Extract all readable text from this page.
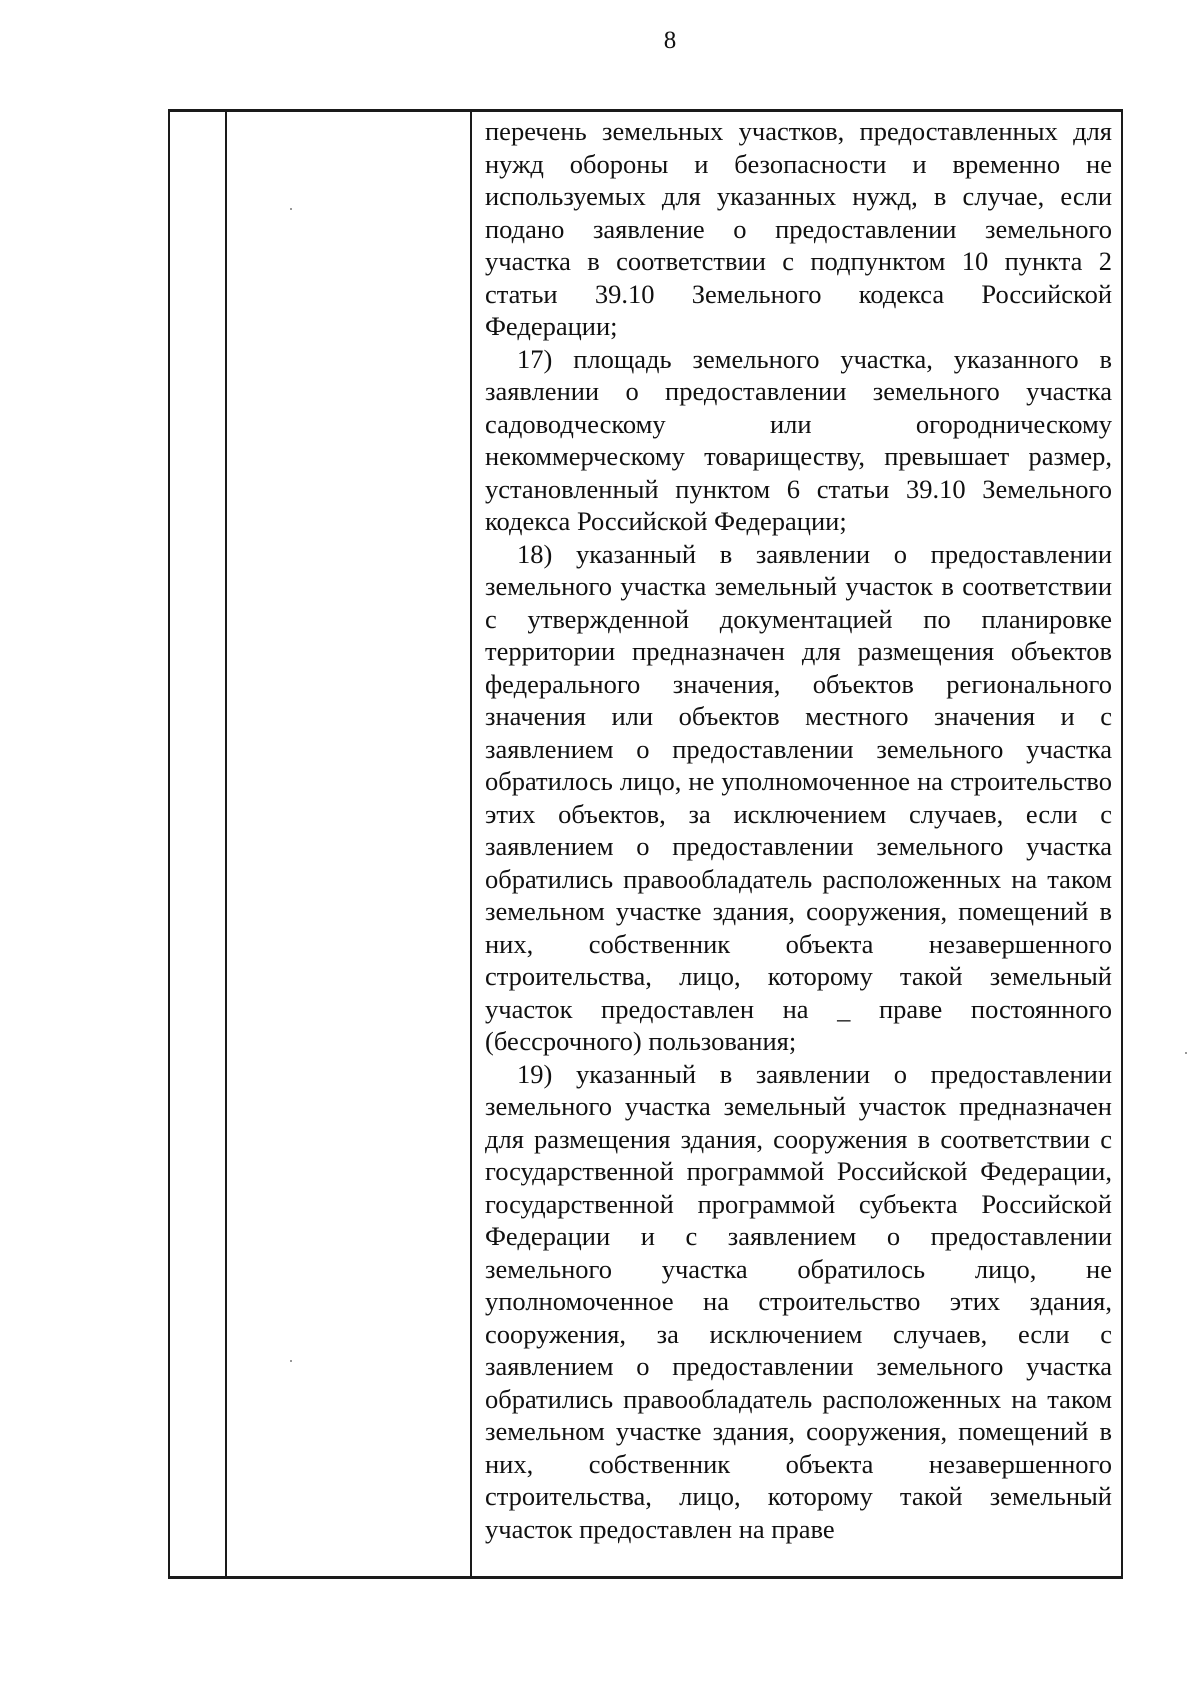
8

перечень земельных участков, предоставленных для нужд обороны и безопасности и временно не используемых для указанных нужд, в случае, если подано заявление о предоставлении земельного участка в соответствии с подпунктом 10 пункта 2 статьи 39.10 Земельного кодекса Российской Федерации;

17) площадь земельного участка, указанного в заявлении о предоставлении земельного участка садоводческому или огородническому некоммерческому товариществу, превышает размер, установленный пунктом 6 статьи 39.10 Земельного кодекса Российской Федерации;

18) указанный в заявлении о предоставлении земельного участка земельный участок в соответствии с утвержденной документацией по планировке территории предназначен для размещения объектов федерального значения, объектов регионального значения или объектов местного значения и с заявлением о предоставлении земельного участка обратилось лицо, не уполномоченное на строительство этих объектов, за исключением случаев, если с заявлением о предоставлении земельного участка обратились правообладатель расположенных на таком земельном участке здания, сооружения, помещений в них, собственник объекта незавершенного строительства, лицо, которому такой земельный участок предоставлен на _ праве постоянного (бессрочного) пользования;

19) указанный в заявлении о предоставлении земельного участка земельный участок предназначен для размещения здания, сооружения в соответствии с государственной программой Российской Федерации, государственной программой субъекта Российской Федерации и с заявлением о предоставлении земельного участка обратилось лицо, не уполномоченное на строительство этих здания, сооружения, за исключением случаев, если с заявлением о предоставлении земельного участка обратились правообладатель расположенных на таком земельном участке здания, сооружения, помещений в них, собственник объекта незавершенного строительства, лицо, которому такой земельный участок предоставлен на праве
